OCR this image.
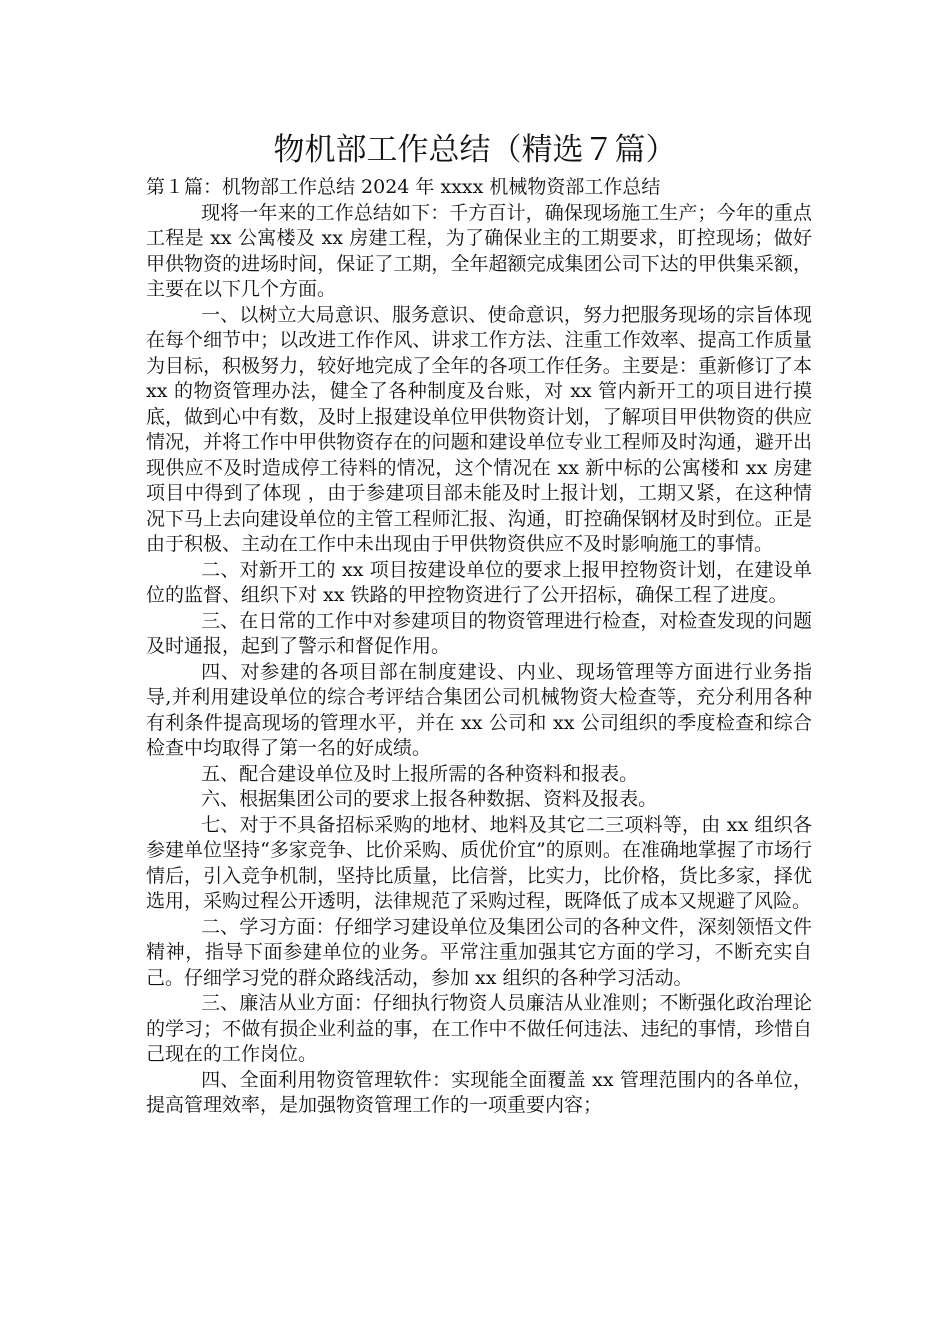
物机部工作总结（精选７篇）

第１篇：机物部工作总结 2024 年 xxxx 机械物资部工作总结

现将一年来的工作总结如下：千方百计，确保现场施工生产；今年的重点工程是 xx 公寓楼及 xx 房建工程，为了确保业主的工期要求，盯控现场；做好甲供物资的进场时间，保证了工期，全年超额完成集团公司下达的甲供集采额，主要在以下几个方面。

一、以树立大局意识、服务意识、使命意识，努力把服务现场的宗旨体现在每个细节中；以改进工作作风、讲求工作方法、注重工作效率、提高工作质量为目标，积极努力，较好地完成了全年的各项工作任务。主要是：重新修订了本 xx 的物资管理办法，健全了各种制度及台账，对 xx 管内新开工的项目进行摸底，做到心中有数，及时上报建设单位甲供物资计划，了解项目甲供物资的供应情况，并将工作中甲供物资存在的问题和建设单位专业工程师及时沟通，避开出现供应不及时造成停工待料的情况，这个情况在 xx 新中标的公寓楼和 xx 房建项目中得到了体现 ，由于参建项目部未能及时上报计划，工期又紧，在这种情况下马上去向建设单位的主管工程师汇报、沟通，盯控确保钢材及时到位。正是由于积极、主动在工作中未出现由于甲供物资供应不及时影响施工的事情。

二、对新开工的 xx 项目按建设单位的要求上报甲控物资计划，在建设单位的监督、组织下对 xx 铁路的甲控物资进行了公开招标，确保工程了进度。

三、在日常的工作中对参建项目的物资管理进行检查，对检查发现的问题及时通报，起到了警示和督促作用。

四、对参建的各项目部在制度建设、内业、现场管理等方面进行业务指导,并利用建设单位的综合考评结合集团公司机械物资大检查等，充分利用各种有利条件提高现场的管理水平，并在 xx 公司和 xx 公司组织的季度检查和综合检查中均取得了第一名的好成绩。

五、配合建设单位及时上报所需的各种资料和报表。

六、根据集团公司的要求上报各种数据、资料及报表。

七、对于不具备招标采购的地材、地料及其它二三项料等，由 xx 组织各参建单位坚持“多家竞争、比价采购、质优价宜”的原则。在准确地掌握了市场行情后，引入竞争机制，坚持比质量，比信誉，比实力，比价格，货比多家，择优选用，采购过程公开透明，法律规范了采购过程，既降低了成本又规避了风险。

二、学习方面：仔细学习建设单位及集团公司的各种文件，深刻领悟文件精神，指导下面参建单位的业务。平常注重加强其它方面的学习，不断充实自己。仔细学习党的群众路线活动，参加 xx 组织的各种学习活动。

三、廉洁从业方面：仔细执行物资人员廉洁从业准则；不断强化政治理论的学习；不做有损企业利益的事，在工作中不做任何违法、违纪的事情，珍惜自己现在的工作岗位。

四、全面利用物资管理软件：实现能全面覆盖 xx 管理范围内的各单位，提高管理效率，是加强物资管理工作的一项重要内容；
